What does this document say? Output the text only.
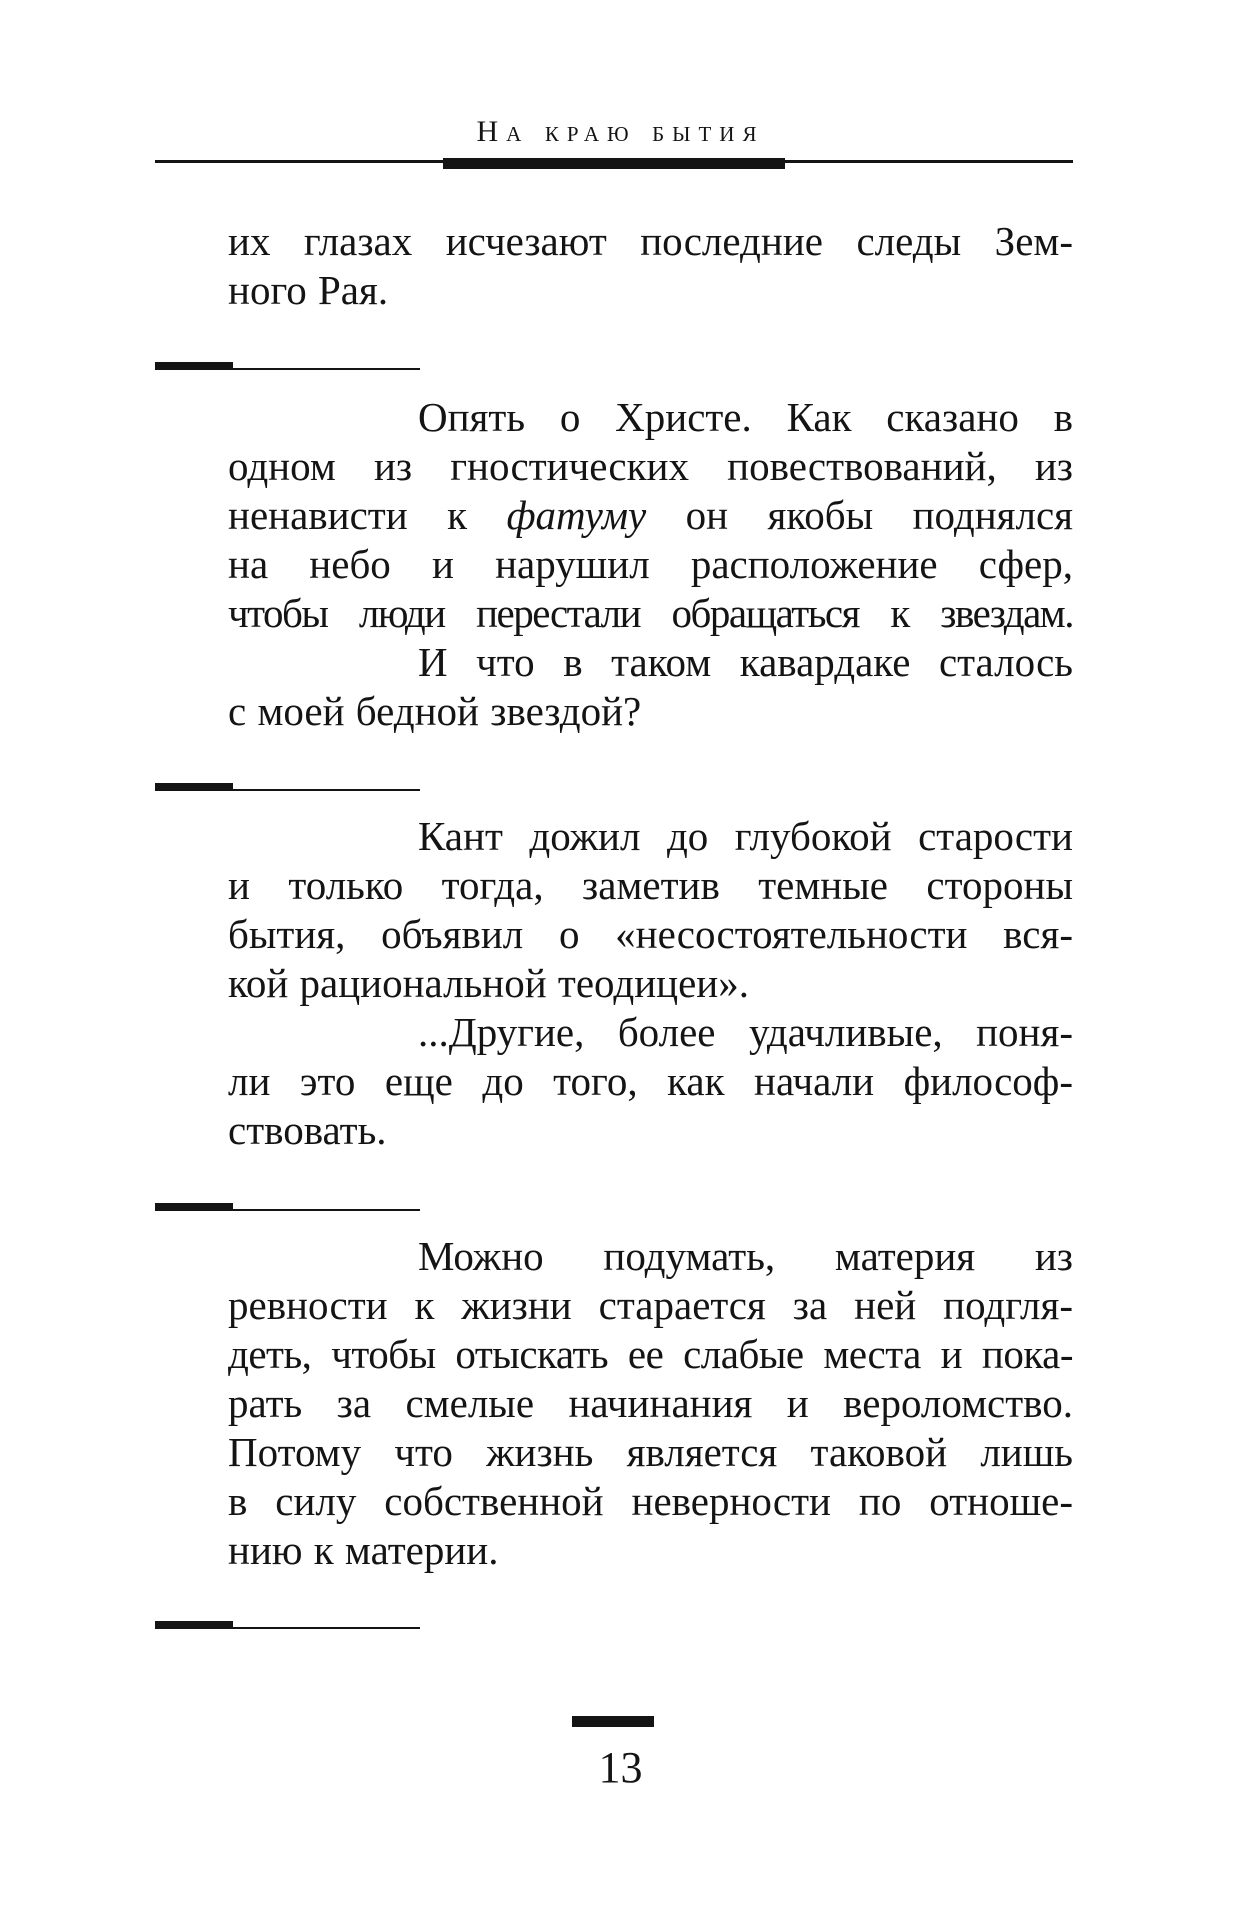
На краю бытия
их глазах исчезают последние следы Зем-
ного Рая.
Опять о Христе. Как сказано в
одном из гностических повествований, из
ненависти к фатуму он якобы поднялся
на небо и нарушил расположение сфер,
чтобы люди перестали обращаться к звездам.
И что в таком кавардаке сталось
с моей бедной звездой?
Кант дожил до глубокой старости
и только тогда, заметив темные стороны
бытия, объявил о «несостоятельности вся-
кой рациональной теодицеи».
...Другие, более удачливые, поня-
ли это еще до того, как начали философ-
ствовать.
Можно подумать, материя из
ревности к жизни старается за ней подгля-
деть, чтобы отыскать ее слабые места и пока-
рать за смелые начинания и вероломство.
Потому что жизнь является таковой лишь
в силу собственной неверности по отноше-
нию к материи.
13
